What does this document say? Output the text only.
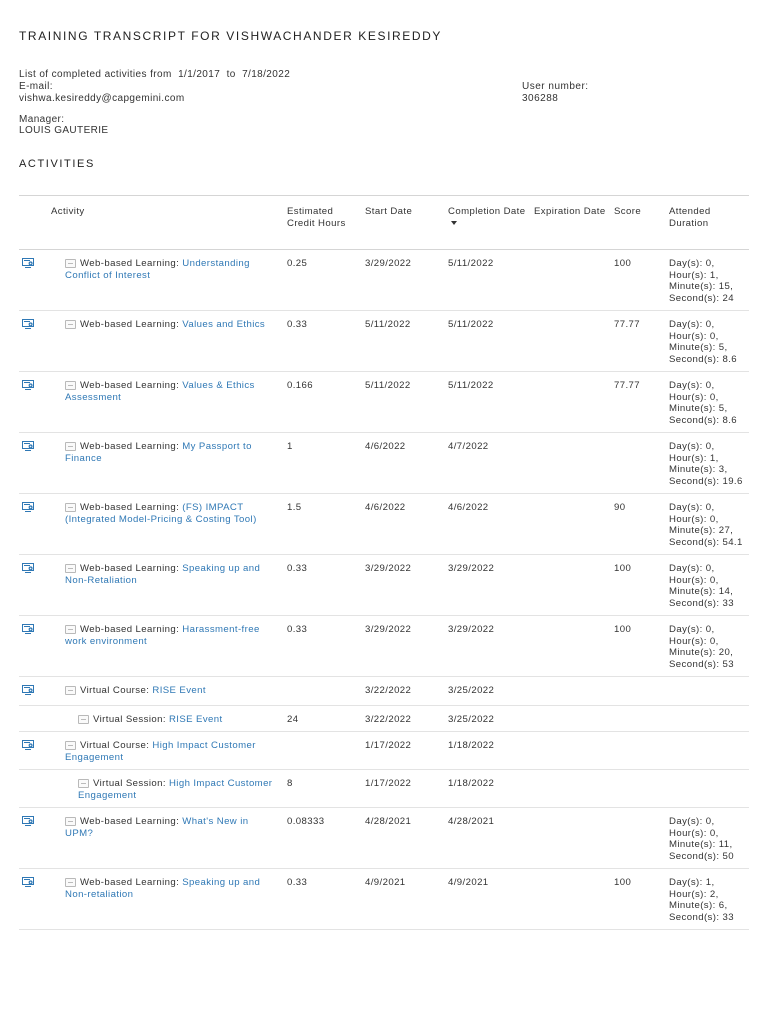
TRAINING TRANSCRIPT FOR VISHWACHANDER KESIREDDY
List of completed activities from 1/1/2017 to 7/18/2022
E-mail:
vishwa.kesireddy@capgemini.com
User number:
306288
Manager:
LOUIS GAUTERIE
ACTIVITIES
	Activity	Estimated Credit Hours	Start Date	Completion Date	Expiration Date	Score	Attended Duration

Web-based Learning: Understanding Conflict of Interest	0.25	3/29/2022	5/11/2022		100	Day(s): 0, Hour(s): 1, Minute(s): 15, Second(s): 24

Web-based Learning: Values and Ethics	0.33	5/11/2022	5/11/2022		77.77	Day(s): 0, Hour(s): 0, Minute(s): 5, Second(s): 8.6

Web-based Learning: Values & Ethics Assessment	0.166	5/11/2022	5/11/2022		77.77	Day(s): 0, Hour(s): 0, Minute(s): 5, Second(s): 8.6

Web-based Learning: My Passport to Finance	1	4/6/2022	4/7/2022			Day(s): 0, Hour(s): 1, Minute(s): 3, Second(s): 19.6

Web-based Learning: (FS) IMPACT (Integrated Model-Pricing & Costing Tool)	1.5	4/6/2022	4/6/2022		90	Day(s): 0, Hour(s): 0, Minute(s): 27, Second(s): 54.1

Web-based Learning: Speaking up and Non-Retaliation	0.33	3/29/2022	3/29/2022		100	Day(s): 0, Hour(s): 0, Minute(s): 14, Second(s): 33

Web-based Learning: Harassment-free work environment	0.33	3/29/2022	3/29/2022		100	Day(s): 0, Hour(s): 0, Minute(s): 20, Second(s): 53

Virtual Course: RISE Event		3/22/2022	3/25/2022			

	Virtual Session: RISE Event	24	3/22/2022	3/25/2022			

Virtual Course: High Impact Customer Engagement		1/17/2022	1/18/2022			

	Virtual Session: High Impact Customer Engagement	8	1/17/2022	1/18/2022			

Web-based Learning: What's New in UPM?	0.08333	4/28/2021	4/28/2021			Day(s): 0, Hour(s): 0, Minute(s): 11, Second(s): 50

Web-based Learning: Speaking up and Non-retaliation	0.33	4/9/2021	4/9/2021		100	Day(s): 1, Hour(s): 2, Minute(s): 6, Second(s): 33
